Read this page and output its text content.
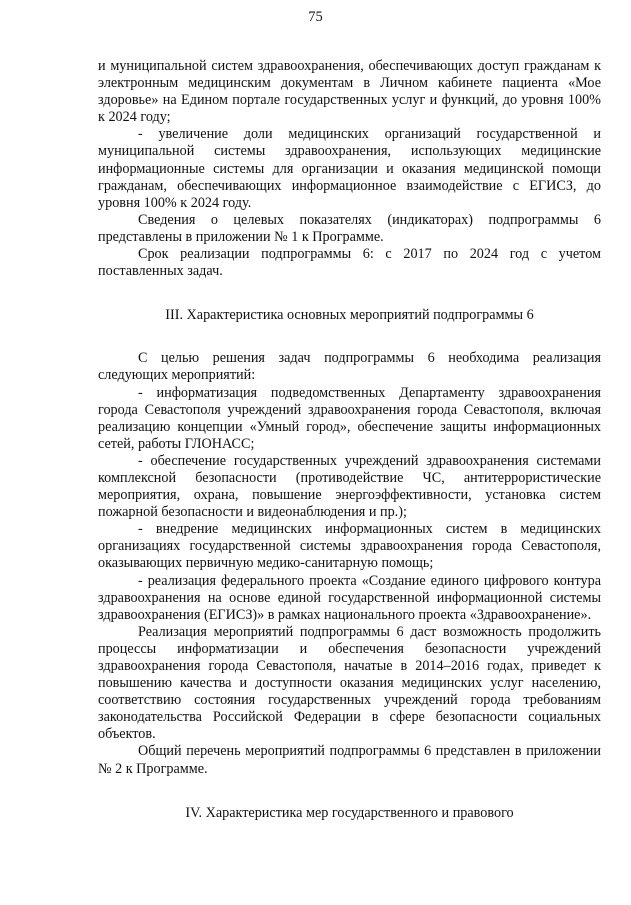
75

и муниципальной систем здравоохранения, обеспечивающих доступ гражданам к электронным медицинским документам в Личном кабинете пациента «Мое здоровье» на Едином портале государственных услуг и функций, до уровня 100% к 2024 году;

- увеличение доли медицинских организаций государственной и муниципальной системы здравоохранения, использующих медицинские информационные системы для организации и оказания медицинской помощи гражданам, обеспечивающих информационное взаимодействие с ЕГИСЗ, до уровня 100% к 2024 году.

Сведения о целевых показателях (индикаторах) подпрограммы 6 представлены в приложении № 1 к Программе.

Срок реализации подпрограммы 6: с 2017 по 2024 год с учетом поставленных задач.

III. Характеристика основных мероприятий подпрограммы 6

С целью решения задач подпрограммы 6 необходима реализация следующих мероприятий:

- информатизация подведомственных Департаменту здравоохранения города Севастополя учреждений здравоохранения города Севастополя, включая реализацию концепции «Умный город», обеспечение защиты информационных сетей, работы ГЛОНАСС;

- обеспечение государственных учреждений здравоохранения системами комплексной безопасности (противодействие ЧС, антитеррористические мероприятия, охрана, повышение энергоэффективности, установка систем пожарной безопасности и видеонаблюдения и пр.);

- внедрение медицинских информационных систем в медицинских организациях государственной системы здравоохранения города Севастополя, оказывающих первичную медико-санитарную помощь;

- реализация федерального проекта «Создание единого цифрового контура здравоохранения на основе единой государственной информационной системы здравоохранения (ЕГИСЗ)» в рамках национального проекта «Здравоохранение».

Реализация мероприятий подпрограммы 6 даст возможность продолжить процессы информатизации и обеспечения безопасности учреждений здравоохранения города Севастополя, начатые в 2014–2016 годах, приведет к повышению качества и доступности оказания медицинских услуг населению, соответствию состояния государственных учреждений города требованиям законодательства Российской Федерации в сфере безопасности социальных объектов.

Общий перечень мероприятий подпрограммы 6 представлен в приложении № 2 к Программе.

IV. Характеристика мер государственного и правового
